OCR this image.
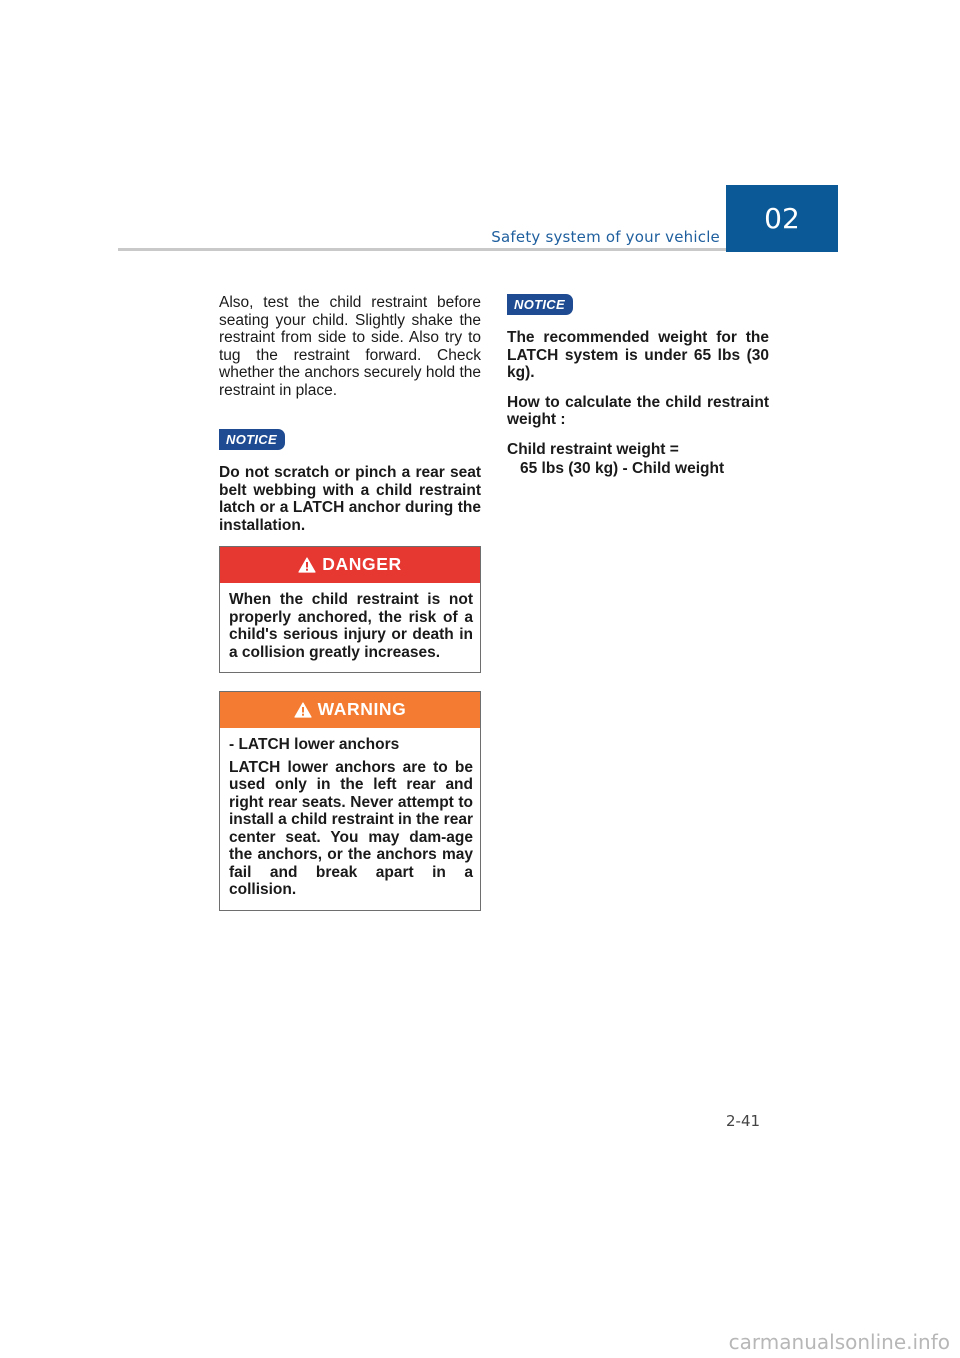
Safety system of your vehicle
02

Also, test the child restraint before seating your child. Slightly shake the restraint from side to side. Also try to tug the restraint forward. Check whether the anchors securely hold the restraint in place.

NOTICE

Do not scratch or pinch a rear seat belt webbing with a child restraint latch or a LATCH anchor during the installation.

DANGER

When the child restraint is not properly anchored, the risk of a child's serious injury or death in a collision greatly increases.

WARNING

- LATCH lower anchors

LATCH lower anchors are to be used only in the left rear and right rear seats. Never attempt to install a child restraint in the rear center seat. You may dam-age the anchors, or the anchors may fail and break apart in a collision.

NOTICE

The recommended weight for the LATCH system is under 65 lbs (30 kg).

How to calculate the child restraint weight :

Child restraint weight =

65 lbs (30 kg) - Child weight

2-41
carmanualsonline.info
